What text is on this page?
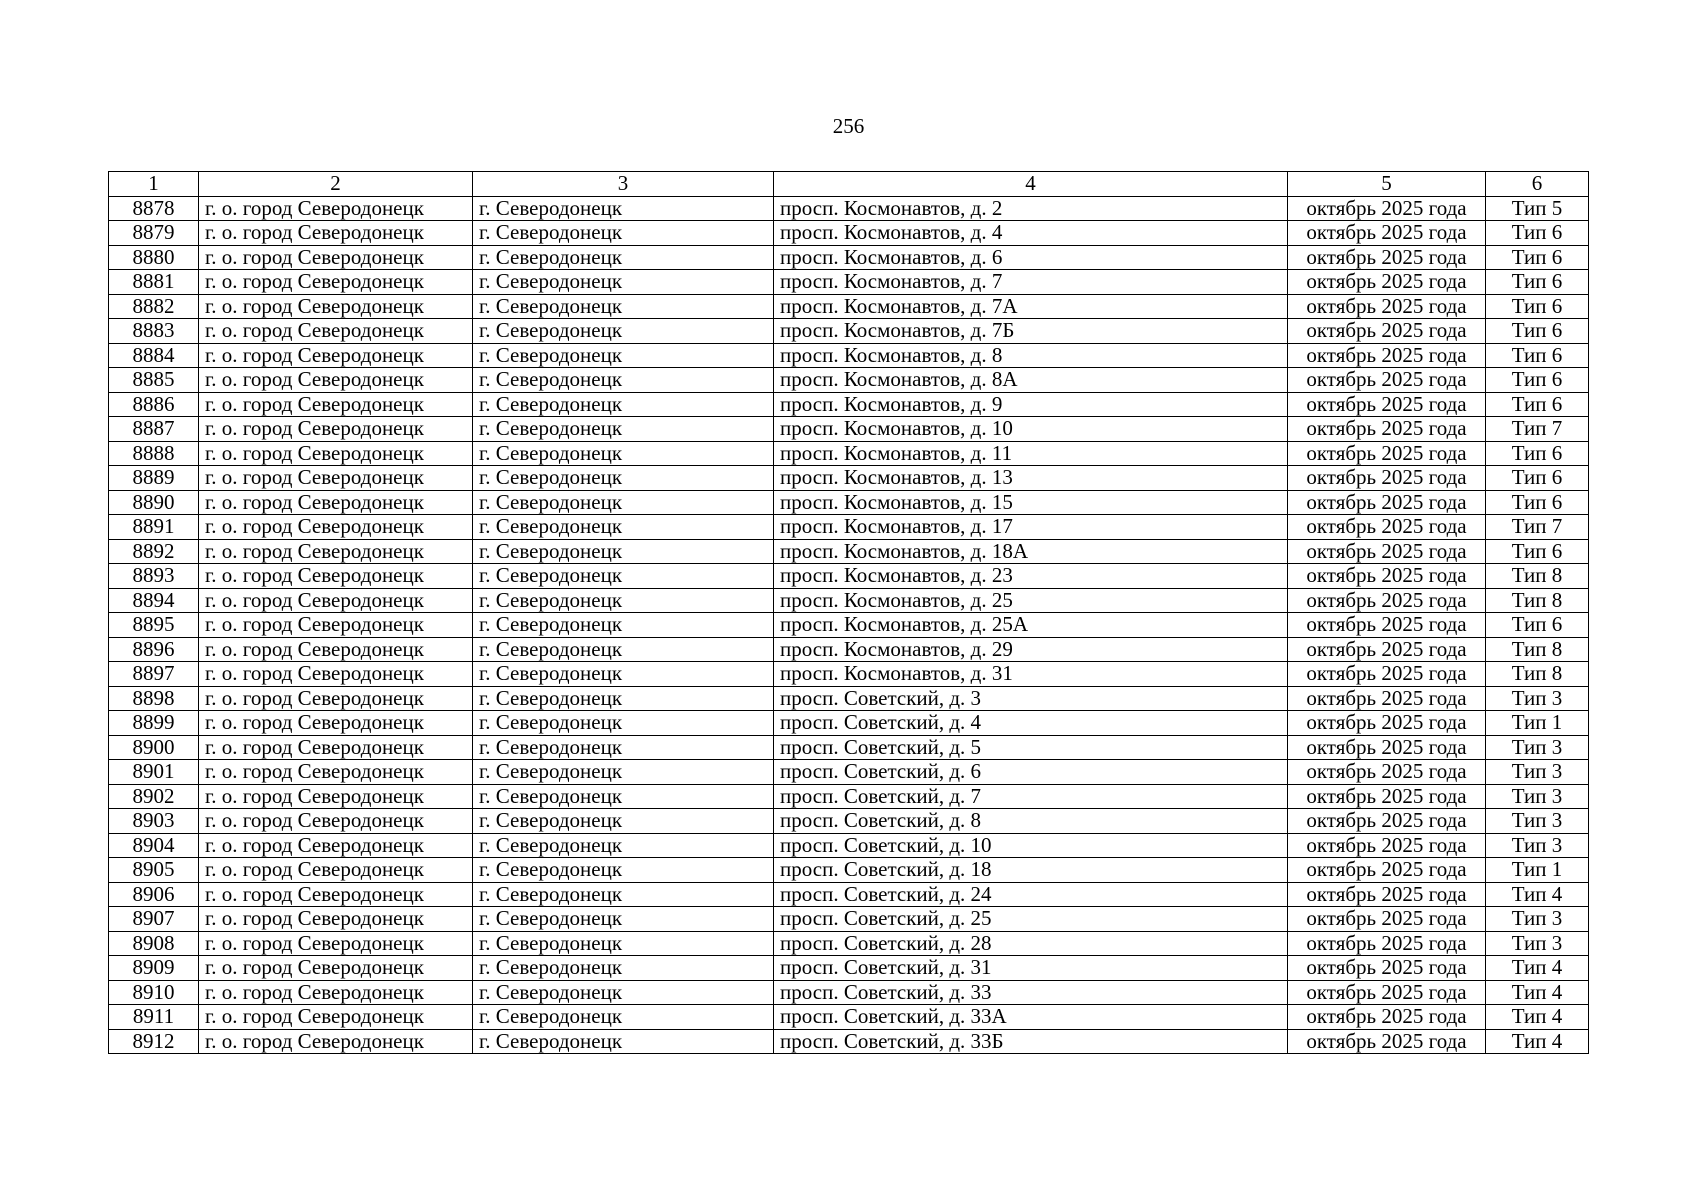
256
1	2	3	4	5	6
8878	г. о. город Северодонецк	г. Северодонецк	просп. Космонавтов, д. 2	октябрь 2025 года	Тип 5
8879	г. о. город Северодонецк	г. Северодонецк	просп. Космонавтов, д. 4	октябрь 2025 года	Тип 6
8880	г. о. город Северодонецк	г. Северодонецк	просп. Космонавтов, д. 6	октябрь 2025 года	Тип 6
8881	г. о. город Северодонецк	г. Северодонецк	просп. Космонавтов, д. 7	октябрь 2025 года	Тип 6
8882	г. о. город Северодонецк	г. Северодонецк	просп. Космонавтов, д. 7А	октябрь 2025 года	Тип 6
8883	г. о. город Северодонецк	г. Северодонецк	просп. Космонавтов, д. 7Б	октябрь 2025 года	Тип 6
8884	г. о. город Северодонецк	г. Северодонецк	просп. Космонавтов, д. 8	октябрь 2025 года	Тип 6
8885	г. о. город Северодонецк	г. Северодонецк	просп. Космонавтов, д. 8А	октябрь 2025 года	Тип 6
8886	г. о. город Северодонецк	г. Северодонецк	просп. Космонавтов, д. 9	октябрь 2025 года	Тип 6
8887	г. о. город Северодонецк	г. Северодонецк	просп. Космонавтов, д. 10	октябрь 2025 года	Тип 7
8888	г. о. город Северодонецк	г. Северодонецк	просп. Космонавтов, д. 11	октябрь 2025 года	Тип 6
8889	г. о. город Северодонецк	г. Северодонецк	просп. Космонавтов, д. 13	октябрь 2025 года	Тип 6
8890	г. о. город Северодонецк	г. Северодонецк	просп. Космонавтов, д. 15	октябрь 2025 года	Тип 6
8891	г. о. город Северодонецк	г. Северодонецк	просп. Космонавтов, д. 17	октябрь 2025 года	Тип 7
8892	г. о. город Северодонецк	г. Северодонецк	просп. Космонавтов, д. 18А	октябрь 2025 года	Тип 6
8893	г. о. город Северодонецк	г. Северодонецк	просп. Космонавтов, д. 23	октябрь 2025 года	Тип 8
8894	г. о. город Северодонецк	г. Северодонецк	просп. Космонавтов, д. 25	октябрь 2025 года	Тип 8
8895	г. о. город Северодонецк	г. Северодонецк	просп. Космонавтов, д. 25А	октябрь 2025 года	Тип 6
8896	г. о. город Северодонецк	г. Северодонецк	просп. Космонавтов, д. 29	октябрь 2025 года	Тип 8
8897	г. о. город Северодонецк	г. Северодонецк	просп. Космонавтов, д. 31	октябрь 2025 года	Тип 8
8898	г. о. город Северодонецк	г. Северодонецк	просп. Советский, д. 3	октябрь 2025 года	Тип 3
8899	г. о. город Северодонецк	г. Северодонецк	просп. Советский, д. 4	октябрь 2025 года	Тип 1
8900	г. о. город Северодонецк	г. Северодонецк	просп. Советский, д. 5	октябрь 2025 года	Тип 3
8901	г. о. город Северодонецк	г. Северодонецк	просп. Советский, д. 6	октябрь 2025 года	Тип 3
8902	г. о. город Северодонецк	г. Северодонецк	просп. Советский, д. 7	октябрь 2025 года	Тип 3
8903	г. о. город Северодонецк	г. Северодонецк	просп. Советский, д. 8	октябрь 2025 года	Тип 3
8904	г. о. город Северодонецк	г. Северодонецк	просп. Советский, д. 10	октябрь 2025 года	Тип 3
8905	г. о. город Северодонецк	г. Северодонецк	просп. Советский, д. 18	октябрь 2025 года	Тип 1
8906	г. о. город Северодонецк	г. Северодонецк	просп. Советский, д. 24	октябрь 2025 года	Тип 4
8907	г. о. город Северодонецк	г. Северодонецк	просп. Советский, д. 25	октябрь 2025 года	Тип 3
8908	г. о. город Северодонецк	г. Северодонецк	просп. Советский, д. 28	октябрь 2025 года	Тип 3
8909	г. о. город Северодонецк	г. Северодонецк	просп. Советский, д. 31	октябрь 2025 года	Тип 4
8910	г. о. город Северодонецк	г. Северодонецк	просп. Советский, д. 33	октябрь 2025 года	Тип 4
8911	г. о. город Северодонецк	г. Северодонецк	просп. Советский, д. 33А	октябрь 2025 года	Тип 4
8912	г. о. город Северодонецк	г. Северодонецк	просп. Советский, д. 33Б	октябрь 2025 года	Тип 4
